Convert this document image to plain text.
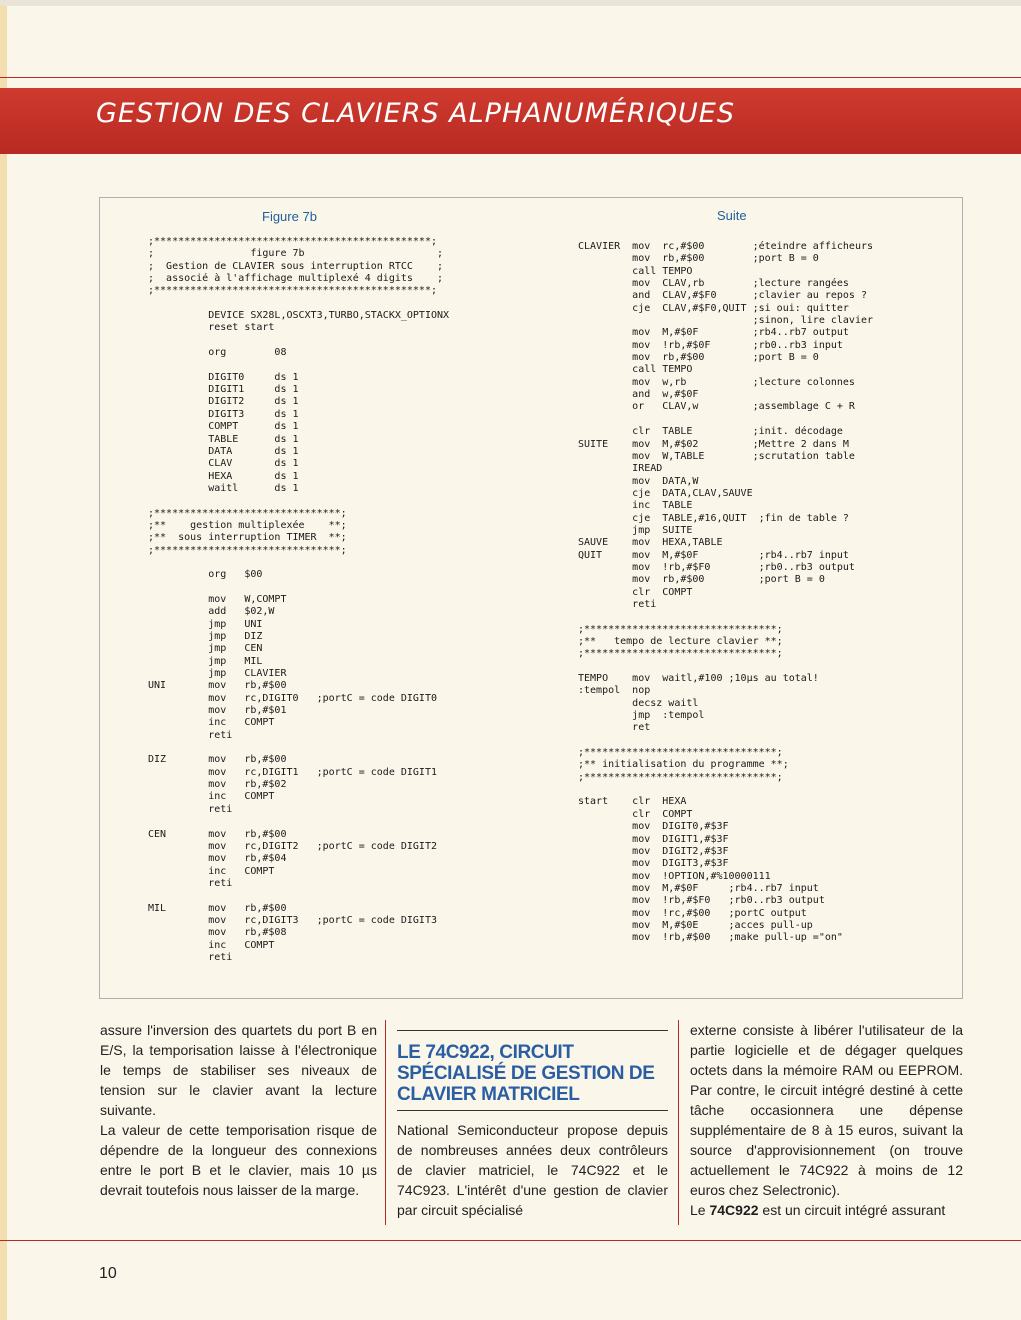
GESTION DES CLAVIERS ALPHANUMÉRIQUES
Figure 7b	Suite
;**********************************************;
;                figure 7b                      ;
;  Gestion de CLAVIER sous interruption RTCC    ;
;  associé à l'affichage multiplexé 4 digits    ;
;**********************************************;

DEVICE SX28L,OSCXT3,TURBO,STACKX_OPTIONX
reset start

org        08

DIGIT0     ds 1
DIGIT1     ds 1
DIGIT2     ds 1
DIGIT3     ds 1
COMPT      ds 1
TABLE      ds 1
DATA       ds 1
CLAV       ds 1
HEXA       ds 1
waitl      ds 1

;*******************************;
;**    gestion multiplexée    **;
;**  sous interruption TIMER  **;
;*******************************;

org   $00

mov   W,COMPT
add   $02,W
jmp   UNI
jmp   DIZ
jmp   CEN
jmp   MIL
jmp   CLAVIER
UNI       mov   rb,#$00
mov   rc,DIGIT0   ;portC = code DIGIT0
mov   rb,#$01
inc   COMPT
reti

DIZ       mov   rb,#$00
mov   rc,DIGIT1   ;portC = code DIGIT1
mov   rb,#$02
inc   COMPT
reti

CEN       mov   rb,#$00
mov   rc,DIGIT2   ;portC = code DIGIT2
mov   rb,#$04
inc   COMPT
reti

MIL       mov   rb,#$00
mov   rc,DIGIT3   ;portC = code DIGIT3
mov   rb,#$08
inc   COMPT
reti
CLAVIER  mov  rc,#$00        ;éteindre afficheurs
mov  rb,#$00        ;port B = 0
call TEMPO
mov  CLAV,rb        ;lecture rangées
and  CLAV,#$F0      ;clavier au repos ?
cje  CLAV,#$F0,QUIT ;si oui: quitter
;sinon, lire clavier
mov  M,#$0F         ;rb4..rb7 output
mov  !rb,#$0F       ;rb0..rb3 input
mov  rb,#$00        ;port B = 0
call TEMPO
mov  w,rb           ;lecture colonnes
and  w,#$0F
or   CLAV,w         ;assemblage C + R

clr  TABLE          ;init. décodage
SUITE    mov  M,#$02         ;Mettre 2 dans M
mov  W,TABLE        ;scrutation table
IREAD
mov  DATA,W
cje  DATA,CLAV,SAUVE
inc  TABLE
cje  TABLE,#16,QUIT  ;fin de table ?
jmp  SUITE
SAUVE    mov  HEXA,TABLE
QUIT     mov  M,#$0F          ;rb4..rb7 input
mov  !rb,#$F0        ;rb0..rb3 output
mov  rb,#$00         ;port B = 0
clr  COMPT
reti

;********************************;
;**   tempo de lecture clavier **;
;********************************;

TEMPO    mov  waitl,#100 ;10µs au total!
:tempol  nop
decsz waitl
jmp  :tempol
ret

;********************************;
;** initialisation du programme **;
;********************************;

start    clr  HEXA
clr  COMPT
mov  DIGIT0,#$3F
mov  DIGIT1,#$3F
mov  DIGIT2,#$3F
mov  DIGIT3,#$3F
mov  !OPTION,#%10000111
mov  M,#$0F     ;rb4..rb7 input
mov  !rb,#$F0   ;rb0..rb3 output
mov  !rc,#$00   ;portC output
mov  M,#$0E     ;acces pull-up
mov  !rb,#$00   ;make pull-up ="on"

assure l'inversion des quartets du port B en E/S, la temporisation laisse à l'électronique le temps de stabiliser ses niveaux de tension sur le clavier avant la lecture suivante.

La valeur de cette temporisation risque de dépendre de la longueur des connexions entre le port B et le clavier, mais 10 µs devrait toutefois nous laisser de la marge.

LE 74C922, CIRCUIT SPÉCIALISÉ DE GESTION DE CLAVIER MATRICIEL

National Semiconducteur propose depuis de nombreuses années deux contrôleurs de clavier matriciel, le 74C922 et le 74C923. L'intérêt d'une gestion de clavier par circuit spécialisé

externe consiste à libérer l'utilisateur de la partie logicielle et de dégager quelques octets dans la mémoire RAM ou EEPROM. Par contre, le circuit intégré destiné à cette tâche occasionnera une dépense supplémentaire de 8 à 15 euros, suivant la source d'approvisionnement (on trouve actuellement le 74C922 à moins de 12 euros chez Selectronic).

Le 74C922 est un circuit intégré assurant

10
